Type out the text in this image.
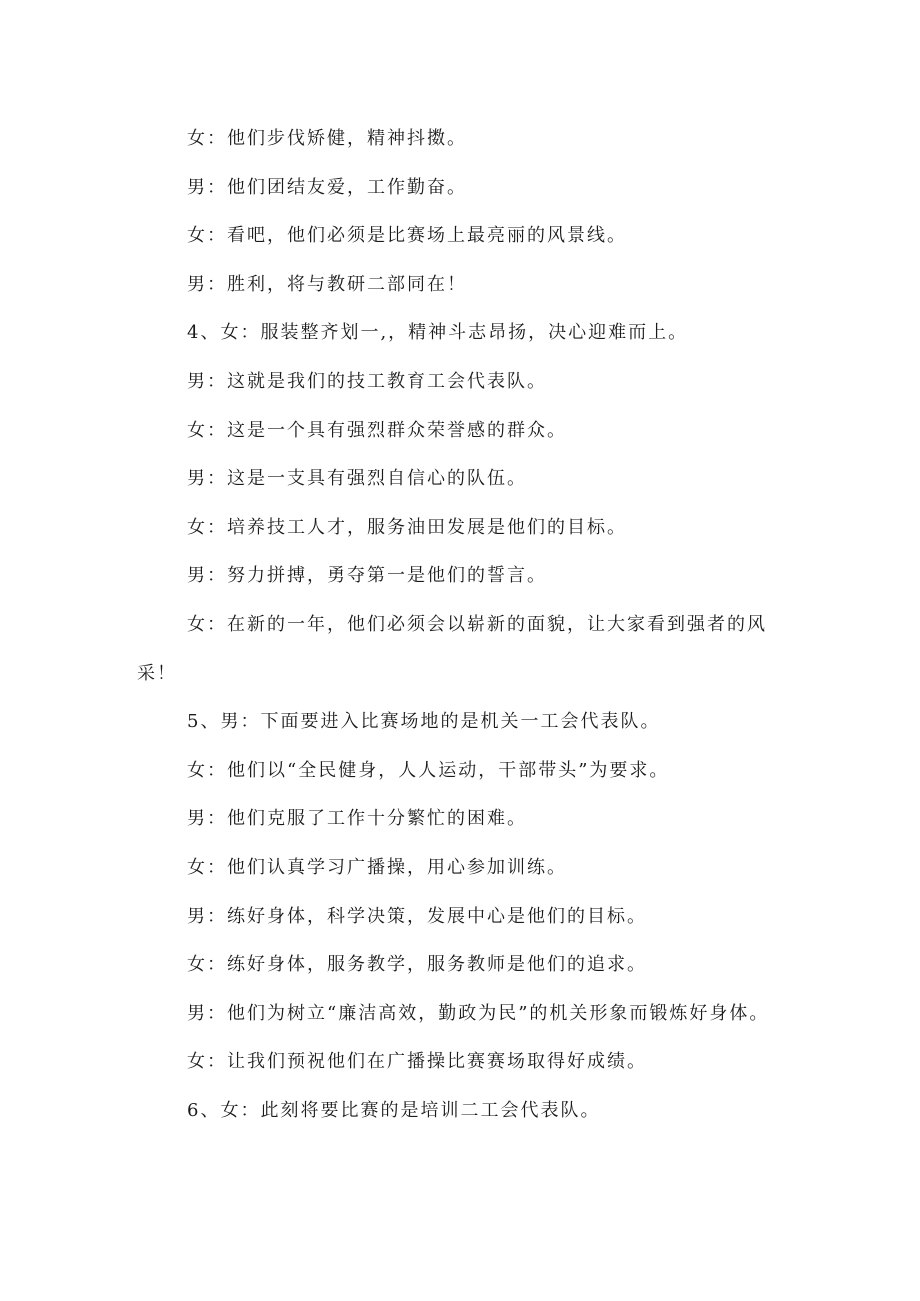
女：他们步伐矫健，精神抖擞。

男：他们团结友爱，工作勤奋。

女：看吧，他们必须是比赛场上最亮丽的风景线。

男：胜利，将与教研二部同在！

4、女：服装整齐划一,，精神斗志昂扬，决心迎难而上。

男：这就是我们的技工教育工会代表队。

女：这是一个具有强烈群众荣誉感的群众。

男：这是一支具有强烈自信心的队伍。

女：培养技工人才，服务油田发展是他们的目标。

男：努力拼搏，勇夺第一是他们的誓言。

女：在新的一年，他们必须会以崭新的面貌，让大家看到强者的风采！

5、男：下面要进入比赛场地的是机关一工会代表队。

女：他们以“全民健身，人人运动，干部带头”为要求。

男：他们克服了工作十分繁忙的困难。

女：他们认真学习广播操，用心参加训练。

男：练好身体，科学决策，发展中心是他们的目标。

女：练好身体，服务教学，服务教师是他们的追求。

男：他们为树立“廉洁高效，勤政为民”的机关形象而锻炼好身体。

女：让我们预祝他们在广播操比赛赛场取得好成绩。

6、女：此刻将要比赛的是培训二工会代表队。
